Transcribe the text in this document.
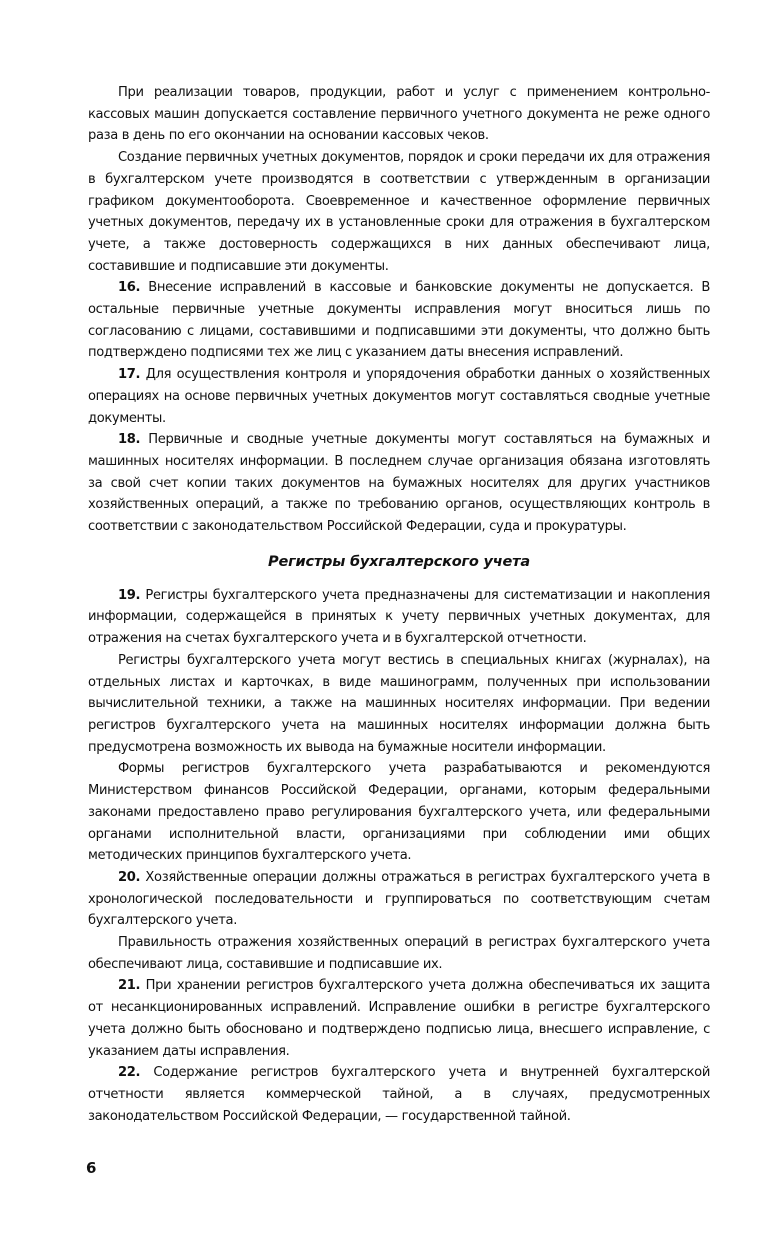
При реализации товаров, продукции, работ и услуг с применением контрольно-кассовых машин допускается составление первичного учетного документа не реже одного раза в день по его окончании на основании кассовых чеков.

Создание первичных учетных документов, порядок и сроки передачи их для отражения в бухгалтерском учете производятся в соответствии с утвержденным в организации графиком документооборота. Своевременное и качественное оформление первичных учетных документов, передачу их в установленные сроки для отражения в бухгалтерском учете, а также достоверность содержащихся в них данных обеспечивают лица, составившие и подписавшие эти документы.

16. Внесение исправлений в кассовые и банковские документы не допускается. В остальные первичные учетные документы исправления могут вноситься лишь по согласованию с лицами, составившими и подписавшими эти документы, что должно быть подтверждено подписями тех же лиц с указанием даты внесения исправлений.

17. Для осуществления контроля и упорядочения обработки данных о хозяйственных операциях на основе первичных учетных документов могут составляться сводные учетные документы.

18. Первичные и сводные учетные документы могут составляться на бумажных и машинных носителях информации. В последнем случае организация обязана изготовлять за свой счет копии таких документов на бумажных носителях для других участников хозяйственных операций, а также по требованию органов, осуществляющих контроль в соответствии с законодательством Российской Федерации, суда и прокуратуры.

Регистры бухгалтерского учета

19. Регистры бухгалтерского учета предназначены для систематизации и накопления информации, содержащейся в принятых к учету первичных учетных документах, для отражения на счетах бухгалтерского учета и в бухгалтерской отчетности.

Регистры бухгалтерского учета могут вестись в специальных книгах (журналах), на отдельных листах и карточках, в виде машинограмм, полученных при использовании вычислительной техники, а также на машинных носителях информации. При ведении регистров бухгалтерского учета на машинных носителях информации должна быть предусмотрена возможность их вывода на бумажные носители информации.

Формы регистров бухгалтерского учета разрабатываются и рекомендуются Министерством финансов Российской Федерации, органами, которым федеральными законами предоставлено право регулирования бухгалтерского учета, или федеральными органами исполнительной власти, организациями при соблюдении ими общих методических принципов бухгалтерского учета.

20. Хозяйственные операции должны отражаться в регистрах бухгалтерского учета в хронологической последовательности и группироваться по соответствующим счетам бухгалтерского учета.

Правильность отражения хозяйственных операций в регистрах бухгалтерского учета обеспечивают лица, составившие и подписавшие их.

21. При хранении регистров бухгалтерского учета должна обеспечиваться их защита от несанкционированных исправлений. Исправление ошибки в регистре бухгалтерского учета должно быть обосновано и подтверждено подписью лица, внесшего исправление, с указанием даты исправления.

22. Содержание регистров бухгалтерского учета и внутренней бухгалтерской отчетности является коммерческой тайной, а в случаях, предусмотренных законодательством Российской Федерации, — государственной тайной.

6
